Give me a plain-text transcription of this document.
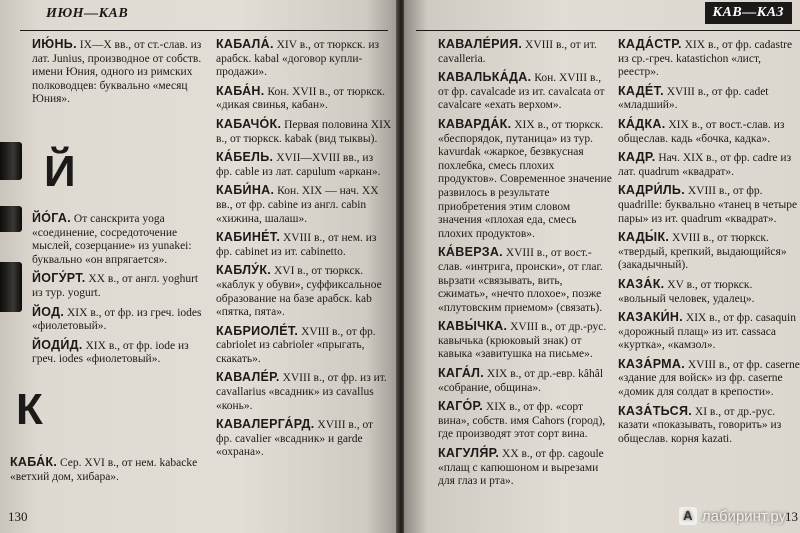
ИЮН—КАВ

ИЮ́НЬ. IX—X вв., от ст.-слав. из лат. Junius, производное от собств. имени Юния, одного из римских полководцев: буквально «месяц Юния».

Й

ЙО́ГА. От санскрита yoga «соединение, сосредоточение мыслей, созерцание» из yunakei: буквально «он впрягается».

ЙОГУ́РТ. XX в., от англ. yoghurt из тур. yogurt.

ЙОД. XIX в., от фр. из греч. iodes «фиолетовый».

ЙОДИ́Д. XIX в., от фр. iode из греч. iodes «фиолетовый».

К

КАБА́К. Сер. XVI в., от нем. kabacke «ветхий дом, хибара».

КАБАЛА́. XIV в., от тюркск. из арабск. kabal «договор купли-продажи».

КАБА́Н. Кон. XVII в., от тюркск. «дикая свинья, кабан».

КАБАЧО́К. Первая половина XIX в., от тюркск. kabak (вид тыквы).

КА́БЕЛЬ. XVII—XVIII вв., из фр. cable из лат. capulum «аркан».

КАБИ́НА. Кон. XIX — нач. XX вв., от фр. cabine из англ. cabin «хижина, шалаш».

КАБИНЕ́Т. XVIII в., от нем. из фр. cabinet из ит. cabinetto.

КАБЛУ́К. XVI в., от тюркск. «каблук у обуви», суффиксальное образование на базе арабск. kab «пятка, пята».

КАБРИОЛЕ́Т. XVIII в., от фр. cabriolet из cabrioler «прыгать, скакать».

КАВАЛЕ́Р. XVIII в., от фр. из ит. cavallarius «всадник» из cavallus «конь».

КАВАЛЕРГА́РД. XVIII в., от фр. cavalier «всадник» и garde «охрана».

130
КАВ—КАЗ

КАВАЛЕ́РИЯ. XVIII в., от ит. cavalleria.

КАВАЛЬКА́ДА. Кон. XVIII в., от фр. cavalcade из ит. cavalcata от cavalcare «ехать верхом».

КАВАРДА́К. XIX в., от тюркск. «беспорядок, путаница» из тур. kavurdak «жаркое, безвкусная похлебка, смесь плохих продуктов». Современное значение развилось в результате приобретения этим словом значения «плохая еда, смесь плохих продуктов».

КА́ВЕРЗА. XVIII в., от вост.-слав. «интрига, происки», от глаг. вьрзати «связывать, вить, сжимать», «нечто плохое», позже «плутовским приемом» (связать).

КАВЫ́ЧКА. XVIII в., от др.-рус. кавычька (крюковый знак) от кавыка «завитушка на письме».

КАГА́Л. XIX в., от др.-евр. kâhâl «собрание, община».

КАГО́Р. XIX в., от фр. «сорт вина», собств. имя Cahors (город), где производят этот сорт вина.

КАГУЛЯ́Р. XX в., от фр. cagoule «плащ с капюшоном и вырезами для глаз и рта».

КАДА́СТР. XIX в., от фр. cadastre из ср.-греч. katastichon «лист, реестр».

КАДЕ́Т. XVIII в., от фр. cadet «младший».

КА́ДКА. XIX в., от вост.-слав. из общеслав. кадь «бочка, кадка».

КАДР. Нач. XIX в., от фр. cadre из лат. quadrum «квадрат».

КАДРИ́ЛЬ. XVIII в., от фр. quadrille: буквально «танец в четыре пары» из ит. quadrum «квадрат».

КАДЫ́К. XVIII в., от тюркск. «твердый, крепкий, выдающийся» (закадычный).

КАЗА́К. XV в., от тюркск. «вольный человек, удалец».

КАЗАКИ́Н. XIX в., от фр. casaquin «дорожный плащ» из ит. cassaca «куртка», «камзол».

КАЗА́РМА. XVIII в., от фр. caserne «здание для войск» из фр. caserne «домик для солдат в крепости».

КАЗА́ТЬСЯ. XI в., от др.-рус. казати «показывать, говорить» из общеслав. корня kazati.

13
A лабиринт.ру
